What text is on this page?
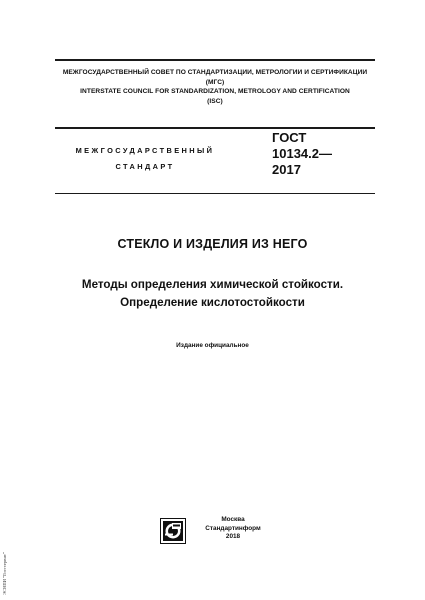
МЕЖГОСУДАРСТВЕННЫЙ СОВЕТ ПО СТАНДАРТИЗАЦИИ, МЕТРОЛОГИИ И СЕРТИФИКАЦИИ
(МГС)
INTERSTATE COUNCIL FOR STANDARDIZATION, METROLOGY AND CERTIFICATION
(ISC)
МЕЖГОСУДАРСТВЕННЫЙ
СТАНДАРТ
ГОСТ
10134.2—
2017
СТЕКЛО И ИЗДЕЛИЯ ИЗ НЕГО
Методы определения химической стойкости.
Определение кислотостойкости
Издание официальное
Москва
Стандартинформ
2018
ЭСНПИ "Гостсервис"
